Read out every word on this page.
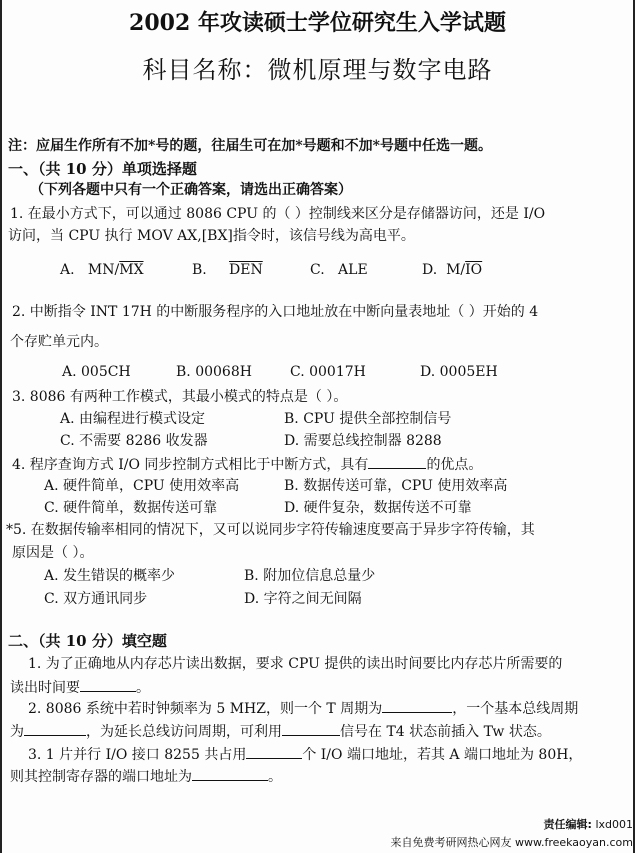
2002 年攻读硕士学位研究生入学试题
科目名称：微机原理与数字电路
注：应届生作所有不加*号的题，往届生可在加*号题和不加*号题中任选一题。
一、（共 10 分）单项选择题
（下列各题中只有一个正确答案，请选出正确答案）
1. 在最小方式下，可以通过 8086 CPU 的（ ）控制线来区分是存储器访问，还是 I/O
访问，当 CPU 执行 MOV AX,[BX]指令时，该信号线为高电平。
A. $MN/\overline{MX}$	B. $\overline{DEN}$	C. ALE	D. $M/\overline{IO}$
2. 中断指令 INT 17H 的中断服务程序的入口地址放在中断向量表地址（ ）开始的 4
个存贮单元内。
A. 005CH	B. 00068H	C. 00017H	D. 0005EH
3. 8086 有两种工作模式，其最小模式的特点是（ ）。
A. 由编程进行模式设定	B. CPU 提供全部控制信号
C. 不需要 8286 收发器	D. 需要总线控制器 8288
4. 程序查询方式 I/O 同步控制方式相比于中断方式，具有	的优点。
A. 硬件简单，CPU 使用效率高	B. 数据传送可靠，CPU 使用效率高
C. 硬件简单，数据传送可靠	D. 硬件复杂，数据传送不可靠
*5. 在数据传输率相同的情况下，又可以说同步字符传输速度要高于异步字符传输，其
原因是（ ）。
A. 发生错误的概率少	B. 附加位信息总量少
C. 双方通讯同步	D. 字符之间无间隔
二、（共 10 分）填空题
1. 为了正确地从内存芯片读出数据，要求 CPU 提供的读出时间要比内存芯片所需要的
读出时间要	。
2. 8086 系统中若时钟频率为 5 MHZ，则一个 T 周期为	，一个基本总线周期
为	，为延长总线访问周期，可利用	信号在 T4 状态前插入 Tw 状态。
3. 1 片并行 I/O 接口 8255 共占用	个 I/O 端口地址，若其 A 端口地址为 80H，
则其控制寄存器的端口地址为	。
责任编辑: lxd001
来自免费考研网热心网友 www.freekaoyan.com
